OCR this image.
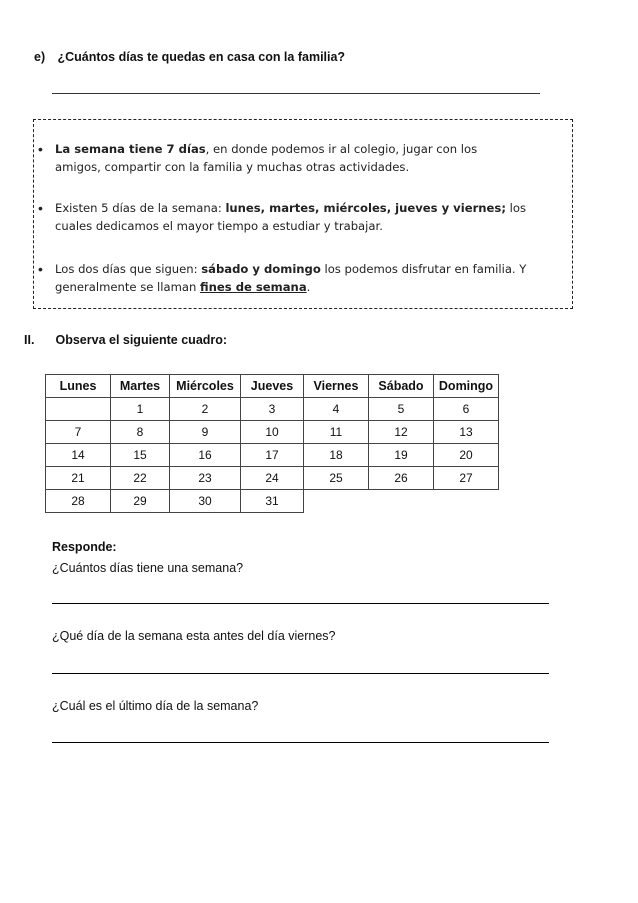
e) ¿Cuántos días te quedas en casa con la familia?
• La semana tiene 7 días, en donde podemos ir al colegio, jugar con los
amigos, compartir con la familia y muchas otras actividades.
• Existen 5 días de la semana: lunes, martes, miércoles, jueves y viernes; los
cuales dedicamos el mayor tiempo a estudiar y trabajar.
• Los dos días que siguen: sábado y domingo los podemos disfrutar en familia. Y
generalmente se llaman fines de semana.
II. Observa el siguiente cuadro:
Lunes	Martes	Miércoles	Jueves	Viernes	Sábado	Domingo
	1	2	3	4	5	6
7	8	9	10	11	12	13
14	15	16	17	18	19	20
21	22	23	24	25	26	27
28	29	30	31			
Responde:
¿Cuántos días tiene una semana?
¿Qué día de la semana esta antes del día viernes?
¿Cuál es el último día de la semana?
